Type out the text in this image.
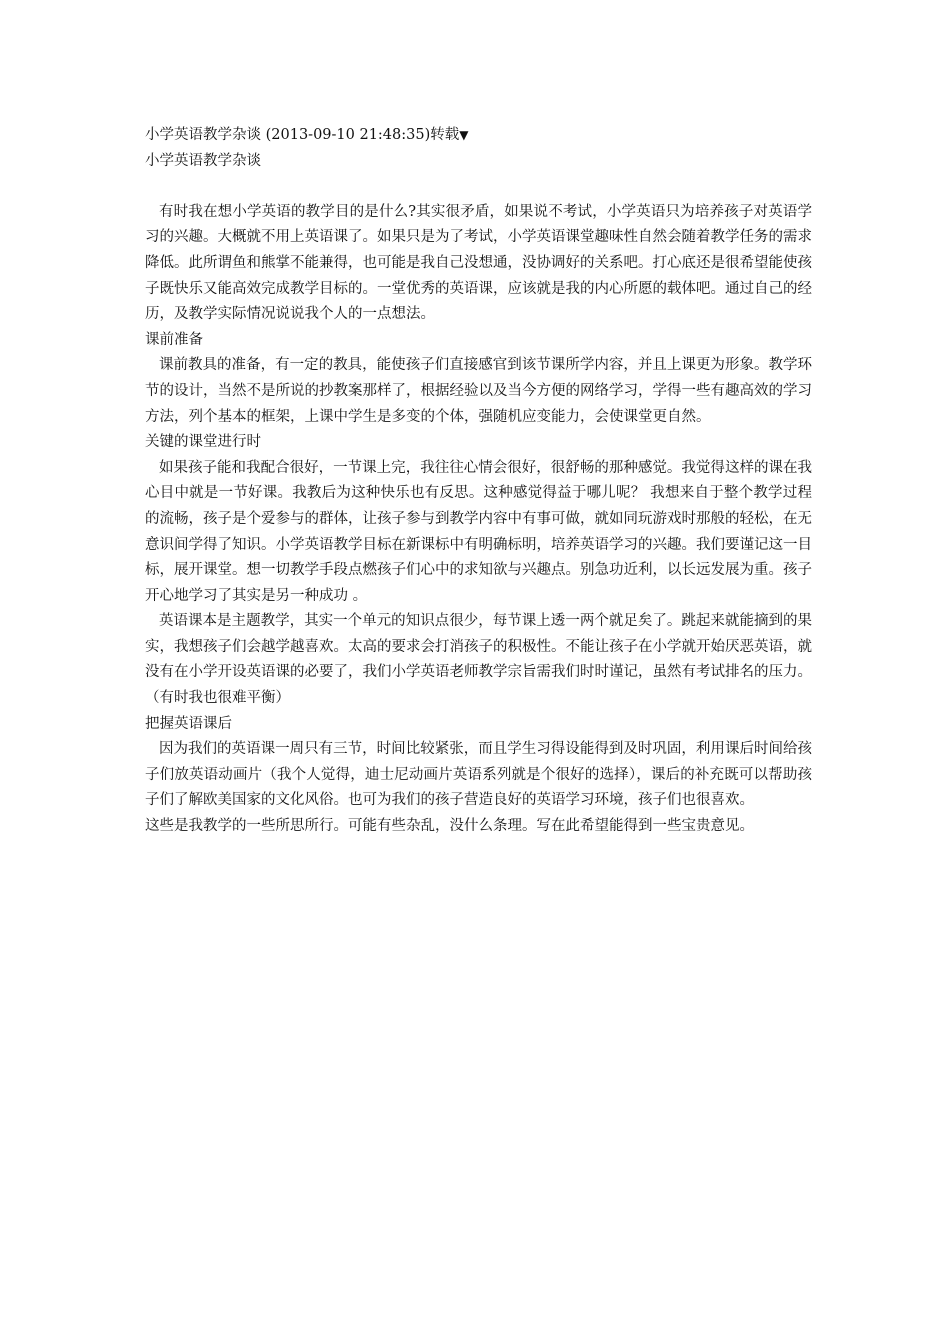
小学英语教学杂谈 (2013-09-10 21:48:35)转载▼

小学英语教学杂谈

有时我在想小学英语的教学目的是什么?其实很矛盾，如果说不考试，小学英语只为培养孩子对英语学习的兴趣。大概就不用上英语课了。如果只是为了考试，小学英语课堂趣味性自然会随着教学任务的需求降低。此所谓鱼和熊掌不能兼得，也可能是我自己没想通，没协调好的关系吧。打心底还是很希望能使孩子既快乐又能高效完成教学目标的。一堂优秀的英语课，应该就是我的内心所愿的载体吧。通过自己的经历，及教学实际情况说说我个人的一点想法。

课前准备

课前教具的准备，有一定的教具，能使孩子们直接感官到该节课所学内容，并且上课更为形象。教学环节的设计，当然不是所说的抄教案那样了，根据经验以及当今方便的网络学习，学得一些有趣高效的学习方法，列个基本的框架，上课中学生是多变的个体，强随机应变能力，会使课堂更自然。

关键的课堂进行时

如果孩子能和我配合很好，一节课上完，我往往心情会很好，很舒畅的那种感觉。我觉得这样的课在我心目中就是一节好课。我教后为这种快乐也有反思。这种感觉得益于哪儿呢？ 我想来自于整个教学过程的流畅，孩子是个爱参与的群体，让孩子参与到教学内容中有事可做，就如同玩游戏时那般的轻松，在无意识间学得了知识。小学英语教学目标在新课标中有明确标明，培养英语学习的兴趣。我们要谨记这一目标，展开课堂。想一切教学手段点燃孩子们心中的求知欲与兴趣点。别急功近利，以长远发展为重。孩子开心地学习了其实是另一种成功 。

英语课本是主题教学，其实一个单元的知识点很少，每节课上透一两个就足矣了。跳起来就能摘到的果实，我想孩子们会越学越喜欢。太高的要求会打消孩子的积极性。不能让孩子在小学就开始厌恶英语，就没有在小学开设英语课的必要了，我们小学英语老师教学宗旨需我们时时谨记，虽然有考试排名的压力。（有时我也很难平衡）

把握英语课后

因为我们的英语课一周只有三节，时间比较紧张，而且学生习得设能得到及时巩固，利用课后时间给孩子们放英语动画片（我个人觉得，迪士尼动画片英语系列就是个很好的选择），课后的补充既可以帮助孩子们了解欧美国家的文化风俗。也可为我们的孩子营造良好的英语学习环境，孩子们也很喜欢。

这些是我教学的一些所思所行。可能有些杂乱，没什么条理。写在此希望能得到一些宝贵意见。
